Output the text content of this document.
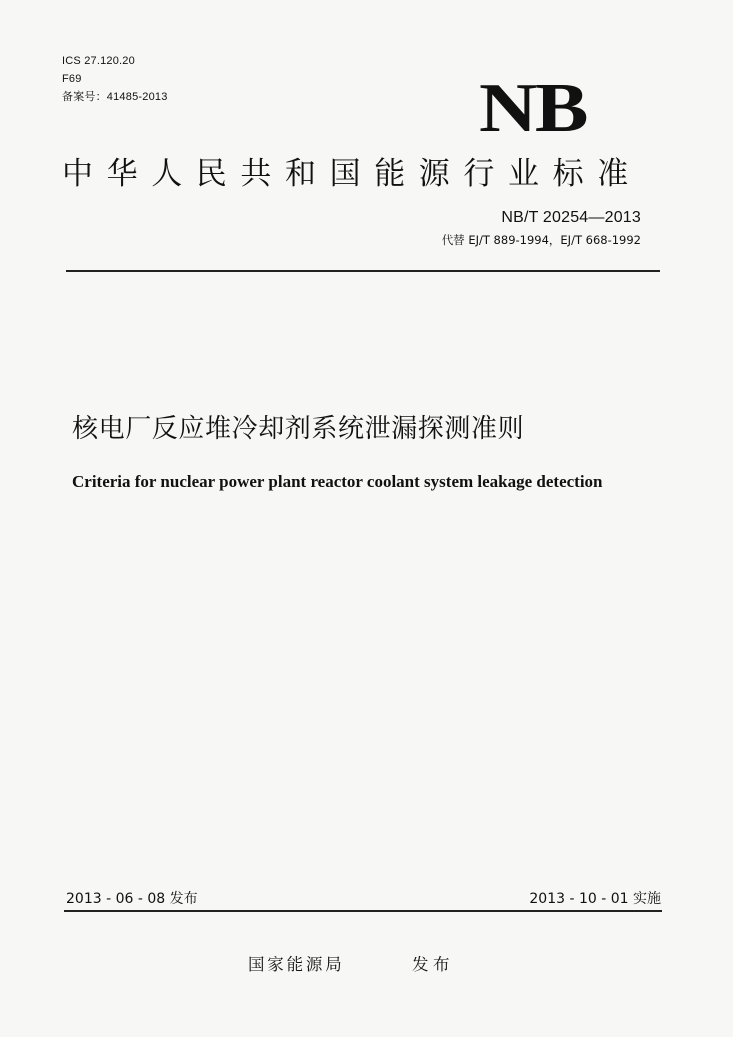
ICS 27.120.20
F69
备案号：41485-2013	NB
中华人民共和国能源行业标准
NB/T 20254—2013
代替 EJ/T 889-1994，EJ/T 668-1992
核电厂反应堆冷却剂系统泄漏探测准则
Criteria for nuclear power plant reactor coolant system leakage detection
2013 - 06 - 08 发布	2013 - 10 - 01 实施
国家能源局	发布
